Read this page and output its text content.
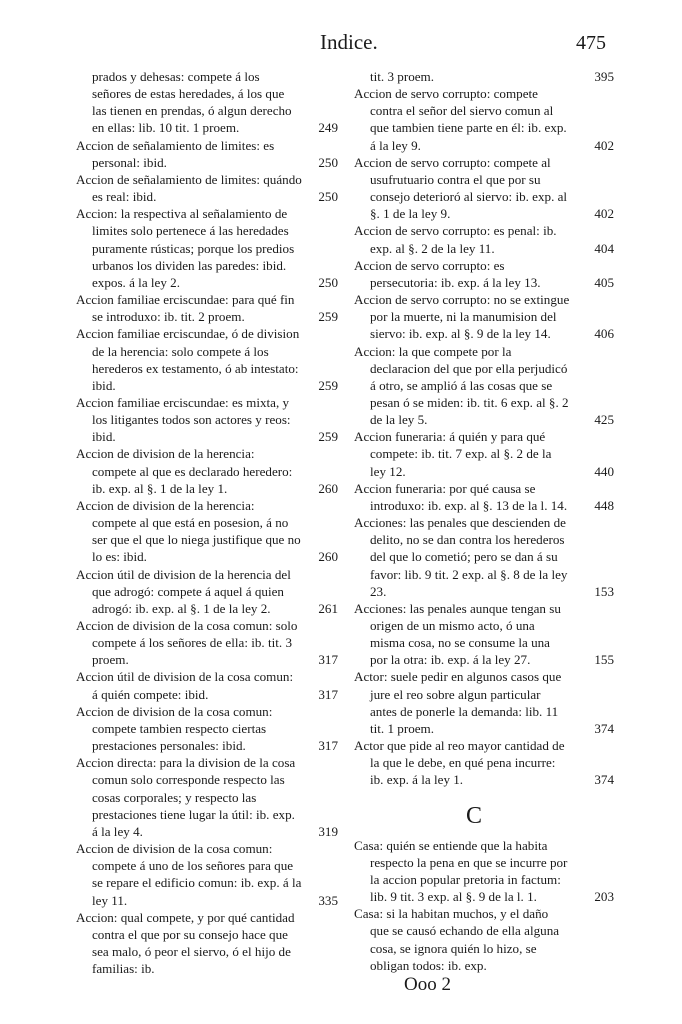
Indice.	475

prados y dehesas: compete á los señores de estas heredades, á los que las tienen en prendas, ó algun derecho en ellas: lib. 10 tit. 1 proem.	249

Accion de señalamiento de limites: es personal: ibid.	250

Accion de señalamiento de limites: quándo es real: ibid.	250

Accion: la respectiva al señalamiento de limites solo pertenece á las heredades puramente rústicas; porque los predios urbanos los dividen las paredes: ibid. expos. á la ley 2.	250

Accion familiae erciscundae: para qué fin se introduxo: ib. tit. 2 proem.	259

Accion familiae erciscundae, ó de division de la herencia: solo compete á los herederos ex testamento, ó ab intestato: ibid.	259

Accion familiae erciscundae: es mixta, y los litigantes todos son actores y reos: ibid.	259

Accion de division de la herencia: compete al que es declarado heredero: ib. exp. al §. 1 de la ley 1.	260

Accion de division de la herencia: compete al que está en posesion, á no ser que el que lo niega justifique que no lo es: ibid.	260

Accion útil de division de la herencia del que adrogó: compete á aquel á quien adrogó: ib. exp. al §. 1 de la ley 2.	261

Accion de division de la cosa comun: solo compete á los señores de ella: ib. tit. 3 proem.	317

Accion útil de division de la cosa comun: á quién compete: ibid.	317

Accion de division de la cosa comun: compete tambien respecto ciertas prestaciones personales: ibid.	317

Accion directa: para la division de la cosa comun solo corresponde respecto las cosas corporales; y respecto las prestaciones tiene lugar la útil: ib. exp. á la ley 4.	319

Accion de division de la cosa comun: compete á uno de los señores para que se repare el edificio comun: ib. exp. á la ley 11.	335

Accion: qual compete, y por qué cantidad contra el que por su consejo hace que sea malo, ó peor el siervo, ó el hijo de familias: ib.

tit. 3 proem.	395

Accion de servo corrupto: compete contra el señor del siervo comun al que tambien tiene parte en él: ib. exp. á la ley 9.	402

Accion de servo corrupto: compete al usufrutuario contra el que por su consejo deterioró al siervo: ib. exp. al §. 1 de la ley 9.	402

Accion de servo corrupto: es penal: ib. exp. al §. 2 de la ley 11.	404

Accion de servo corrupto: es persecutoria: ib. exp. á la ley 13.	405

Accion de servo corrupto: no se extingue por la muerte, ni la manumision del siervo: ib. exp. al §. 9 de la ley 14.	406

Accion: la que compete por la declaracion del que por ella perjudicó á otro, se amplió á las cosas que se pesan ó se miden: ib. tit. 6 exp. al §. 2 de la ley 5.	425

Accion funeraria: á quién y para qué compete: ib. tit. 7 exp. al §. 2 de la ley 12.	440

Accion funeraria: por qué causa se introduxo: ib. exp. al §. 13 de la l. 14. 448

Acciones: las penales que descienden de delito, no se dan contra los herederos del que lo cometió; pero se dan á su favor: lib. 9 tit. 2 exp. al §. 8 de la ley 23.	153

Acciones: las penales aunque tengan su origen de un mismo acto, ó una misma cosa, no se consume la una por la otra: ib. exp. á la ley 27.	155

Actor: suele pedir en algunos casos que jure el reo sobre algun particular antes de ponerle la demanda: lib. 11 tit. 1 proem.	374

Actor que pide al reo mayor cantidad de la que le debe, en qué pena incurre: ib. exp. á la ley 1.	374

C

Casa: quién se entiende que la habita respecto la pena en que se incurre por la accion popular pretoria in factum: lib. 9 tit. 3 exp. al §. 9 de la l. 1.	203

Casa: si la habitan muchos, y el daño que se causó echando de ella alguna cosa, se ignora quién lo hizo, se obligan todos: ib. exp.

Ooo 2
